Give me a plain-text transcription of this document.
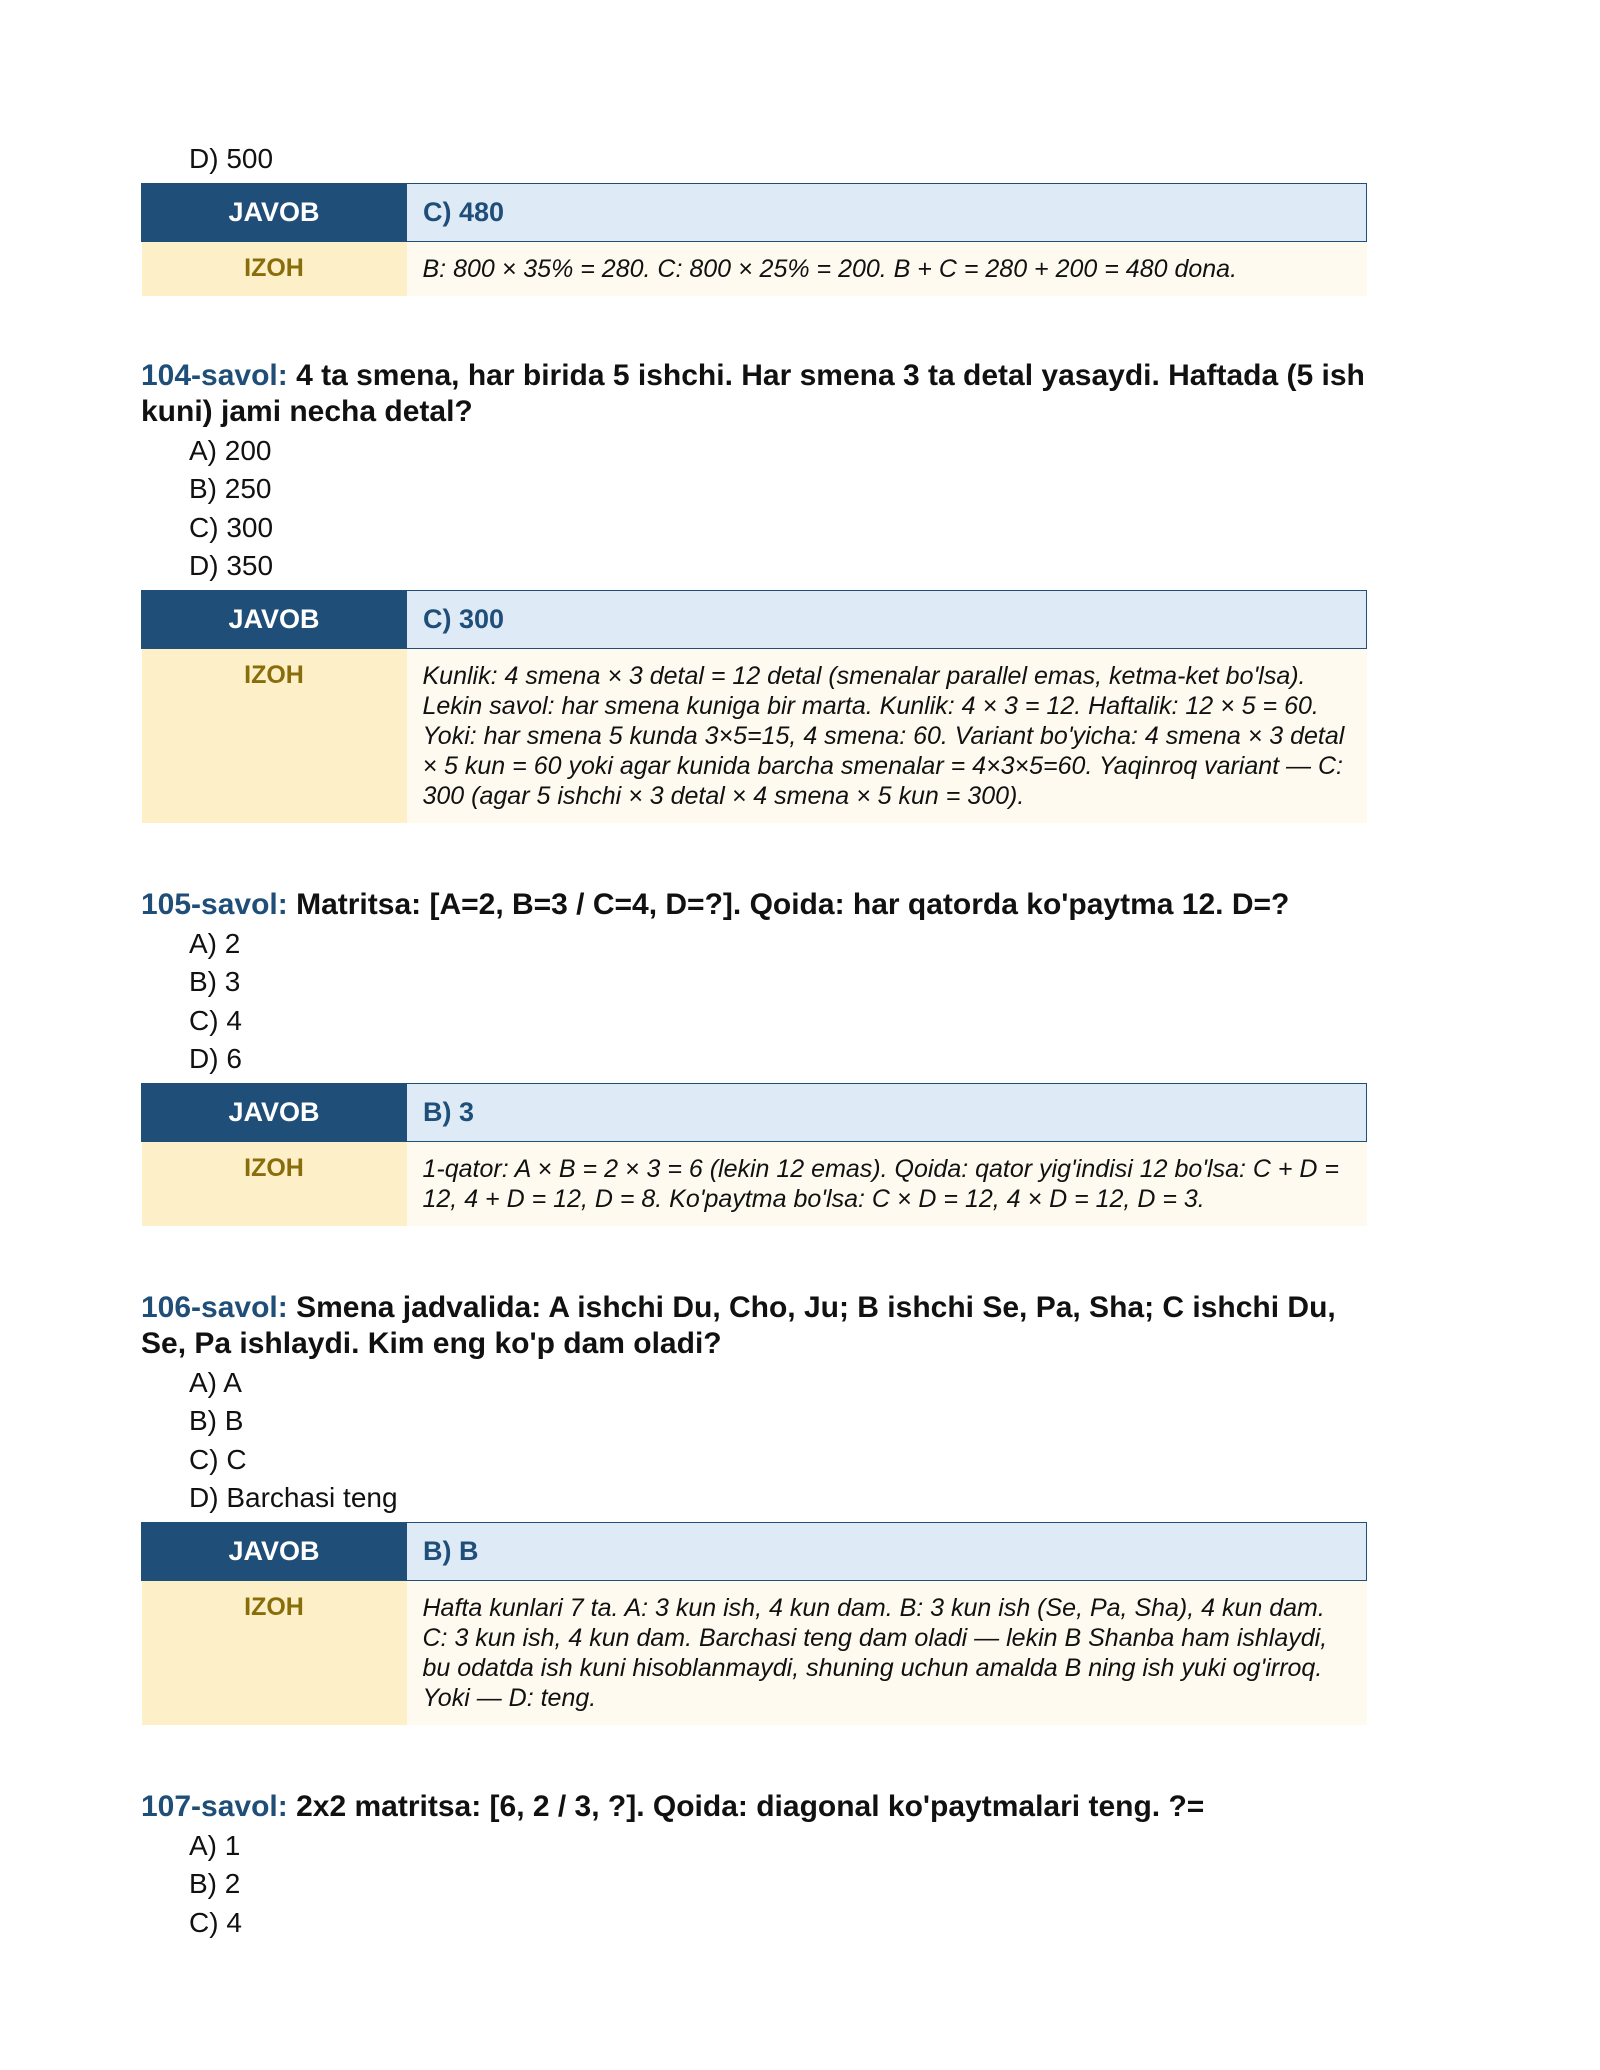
D) 500
JAVOB	C) 480
IZOH	B: 800 × 35% = 280. C: 800 × 25% = 200. B + C = 280 + 200 = 480 dona.

104-savol: 4 ta smena, har birida 5 ishchi. Har smena 3 ta detal yasaydi. Haftada (5 ish kuni) jami necha detal?

A) 200
B) 250
C) 300
D) 350
JAVOB	C) 300
IZOH	Kunlik: 4 smena × 3 detal = 12 detal (smenalar parallel emas, ketma-ket bo'lsa). Lekin savol: har smena kuniga bir marta. Kunlik: 4 × 3 = 12. Haftalik: 12 × 5 = 60. Yoki: har smena 5 kunda 3×5=15, 4 smena: 60. Variant bo'yicha: 4 smena × 3 detal × 5 kun = 60 yoki agar kunida barcha smenalar = 4×3×5=60. Yaqinroq variant — C: 300 (agar 5 ishchi × 3 detal × 4 smena × 5 kun = 300).

105-savol: Matritsa: [A=2, B=3 / C=4, D=?]. Qoida: har qatorda ko'paytma 12. D=?

A) 2
B) 3
C) 4
D) 6
JAVOB	B) 3
IZOH	1-qator: A × B = 2 × 3 = 6 (lekin 12 emas). Qoida: qator yig'indisi 12 bo'lsa: C + D = 12, 4 + D = 12, D = 8. Ko'paytma bo'lsa: C × D = 12, 4 × D = 12, D = 3.

106-savol: Smena jadvalida: A ishchi Du, Cho, Ju; B ishchi Se, Pa, Sha; C ishchi Du, Se, Pa ishlaydi. Kim eng ko'p dam oladi?

A) A
B) B
C) C
D) Barchasi teng
JAVOB	B) B
IZOH	Hafta kunlari 7 ta. A: 3 kun ish, 4 kun dam. B: 3 kun ish (Se, Pa, Sha), 4 kun dam. C: 3 kun ish, 4 kun dam. Barchasi teng dam oladi — lekin B Shanba ham ishlaydi, bu odatda ish kuni hisoblanmaydi, shuning uchun amalda B ning ish yuki og'irroq. Yoki — D: teng.

107-savol: 2x2 matritsa: [6, 2 / 3, ?]. Qoida: diagonal ko'paytmalari teng. ?=

A) 1
B) 2
C) 4
